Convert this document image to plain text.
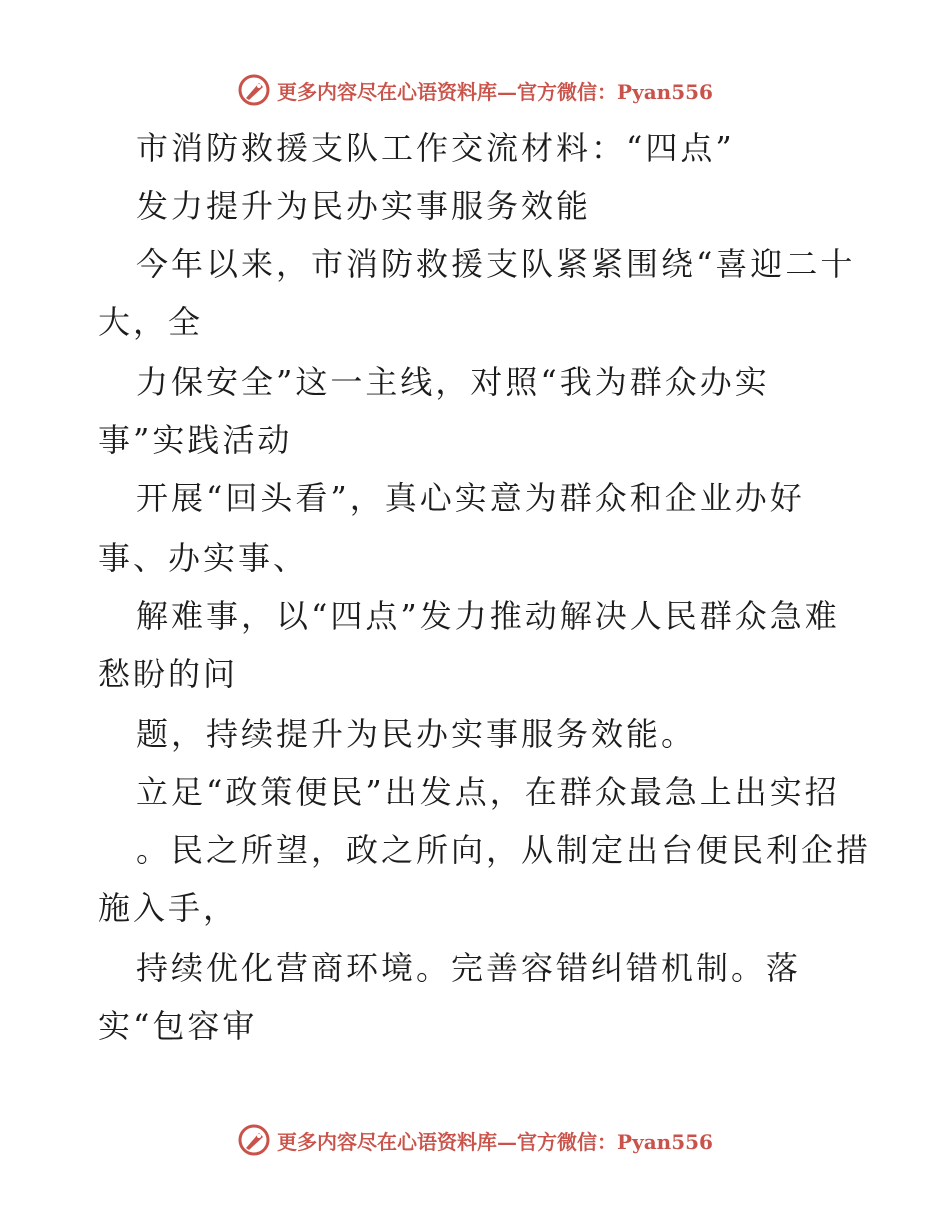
更多内容尽在心语资料库—官方微信：Pyan556
市消防救援支队工作交流材料：“四点”
发力提升为民办实事服务效能
今年以来，市消防救援支队紧紧围绕“喜迎二十
大，全
力保安全”这一主线，对照“我为群众办实
事”实践活动
开展“回头看”，真心实意为群众和企业办好
事、办实事、
解难事，以“四点”发力推动解决人民群众急难
愁盼的问
题，持续提升为民办实事服务效能。
立足“政策便民”出发点，在群众最急上出实招
。民之所望，政之所向，从制定出台便民利企措
施入手，
持续优化营商环境。完善容错纠错机制。落
实“包容审
更多内容尽在心语资料库—官方微信：Pyan556
